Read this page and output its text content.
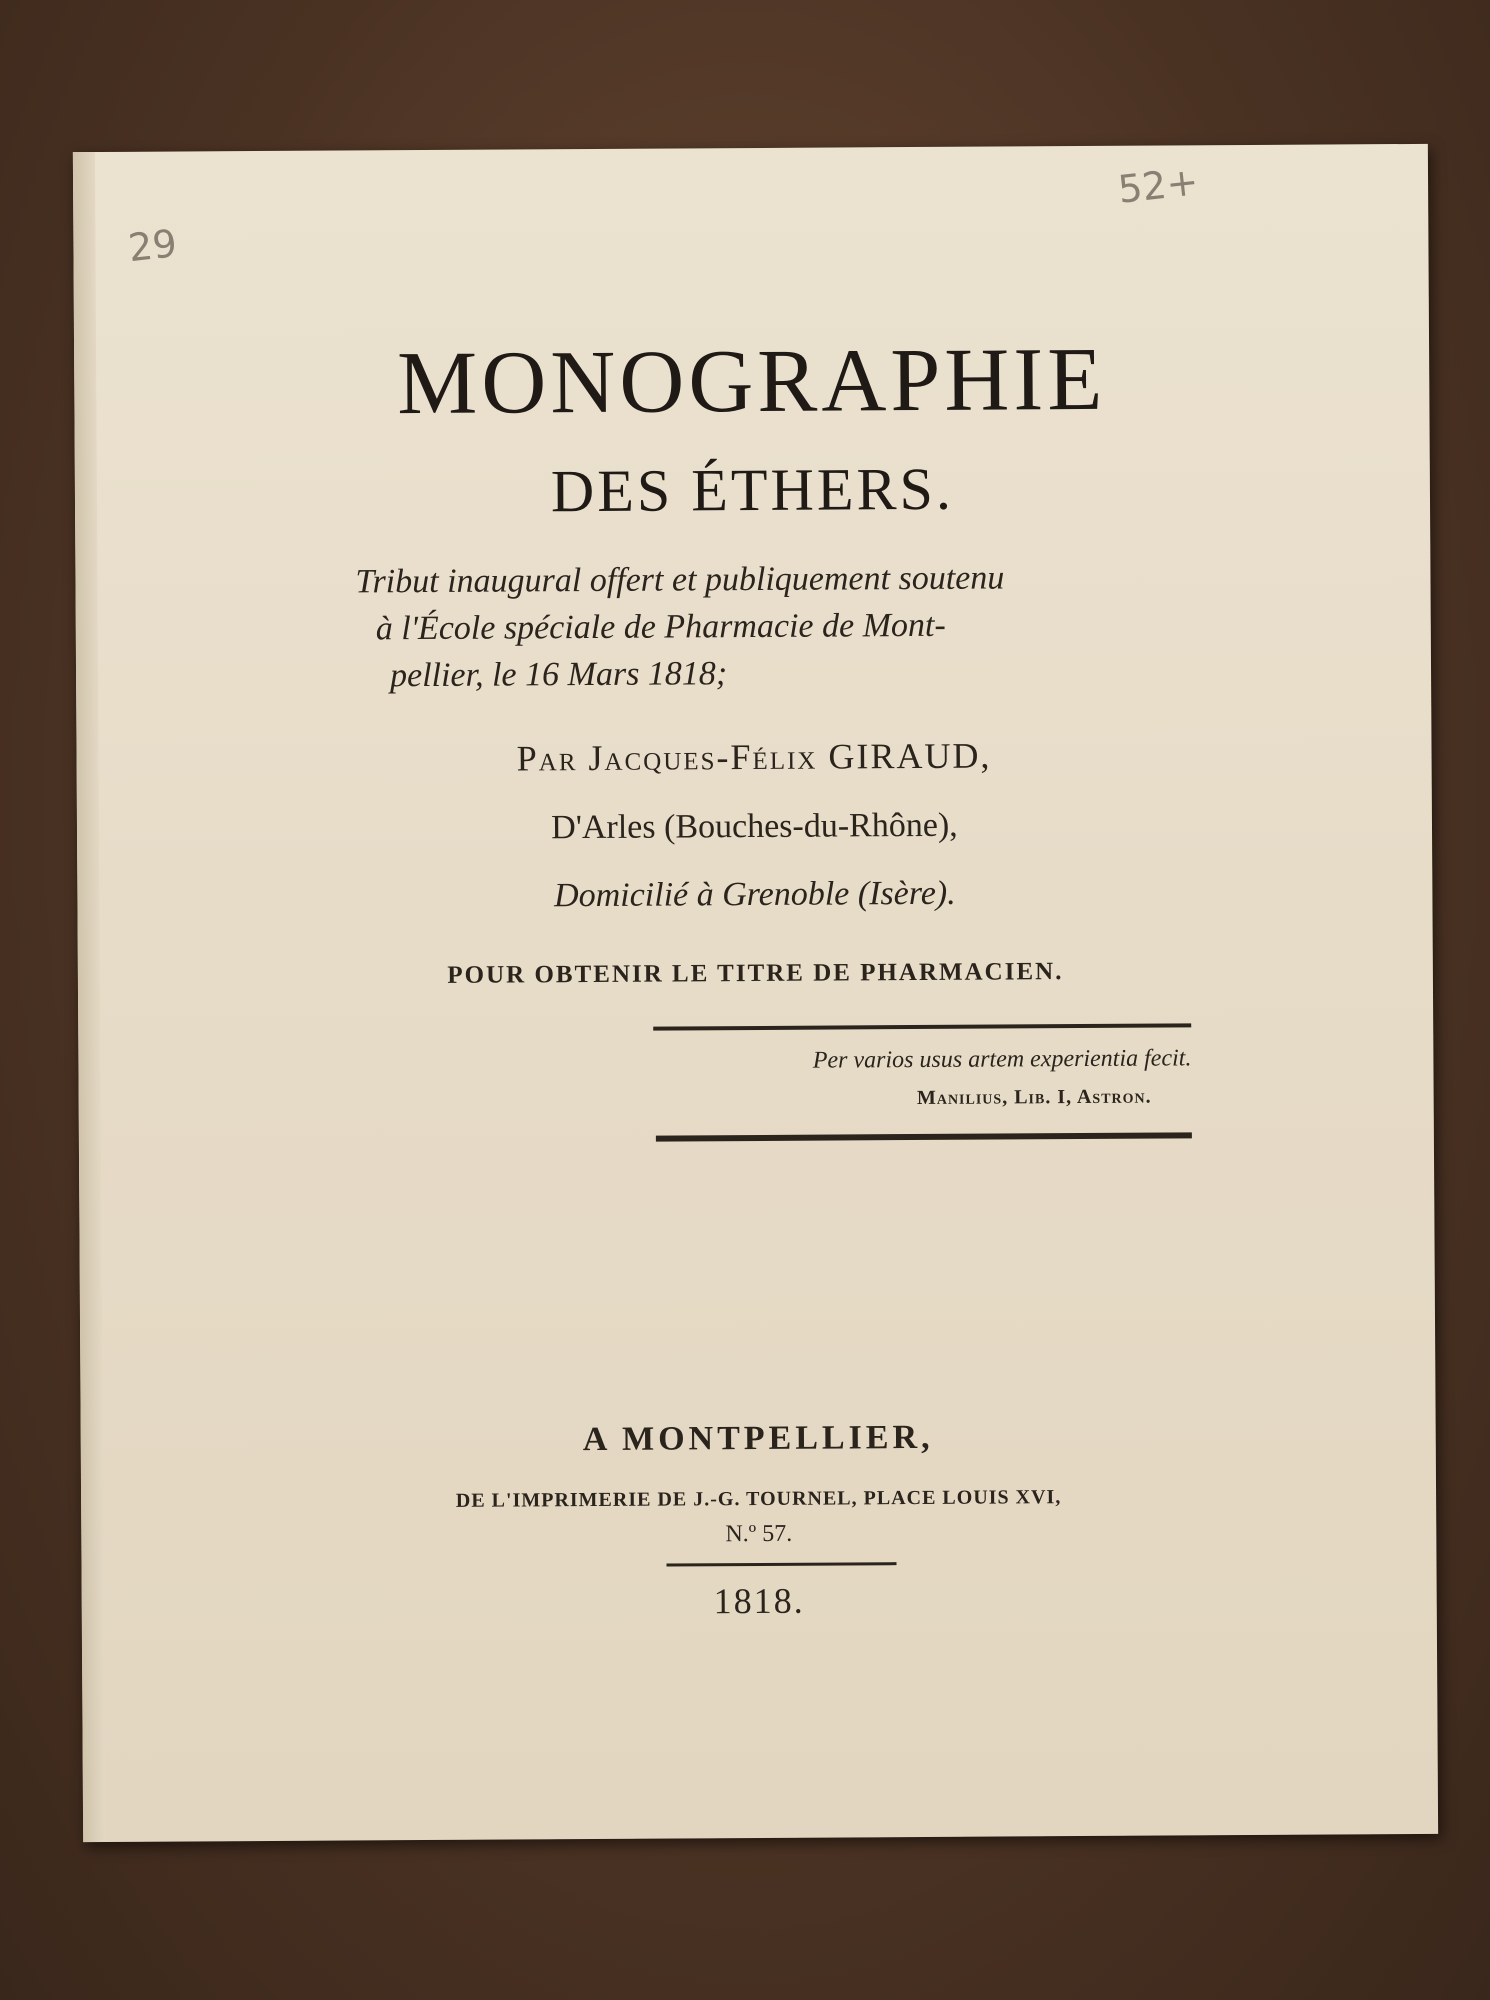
52+
29
MONOGRAPHIE
DES ÉTHERS.
Tribut inaugural offert et publiquement soutenu
à l'École spéciale de Pharmacie de Mont-
pellier, le 16 Mars 1818;
Par Jacques-Félix GIRAUD,
D'Arles (Bouches-du-Rhône),
Domicilié à Grenoble (Isère).
POUR OBTENIR LE TITRE DE PHARMACIEN.
Per varios usus artem experientia fecit.
Manilius, Lib. I, Astron.
A MONTPELLIER,
DE L'IMPRIMERIE DE J.-G. TOURNEL, PLACE LOUIS XVI,
N.º 57.
1818.
